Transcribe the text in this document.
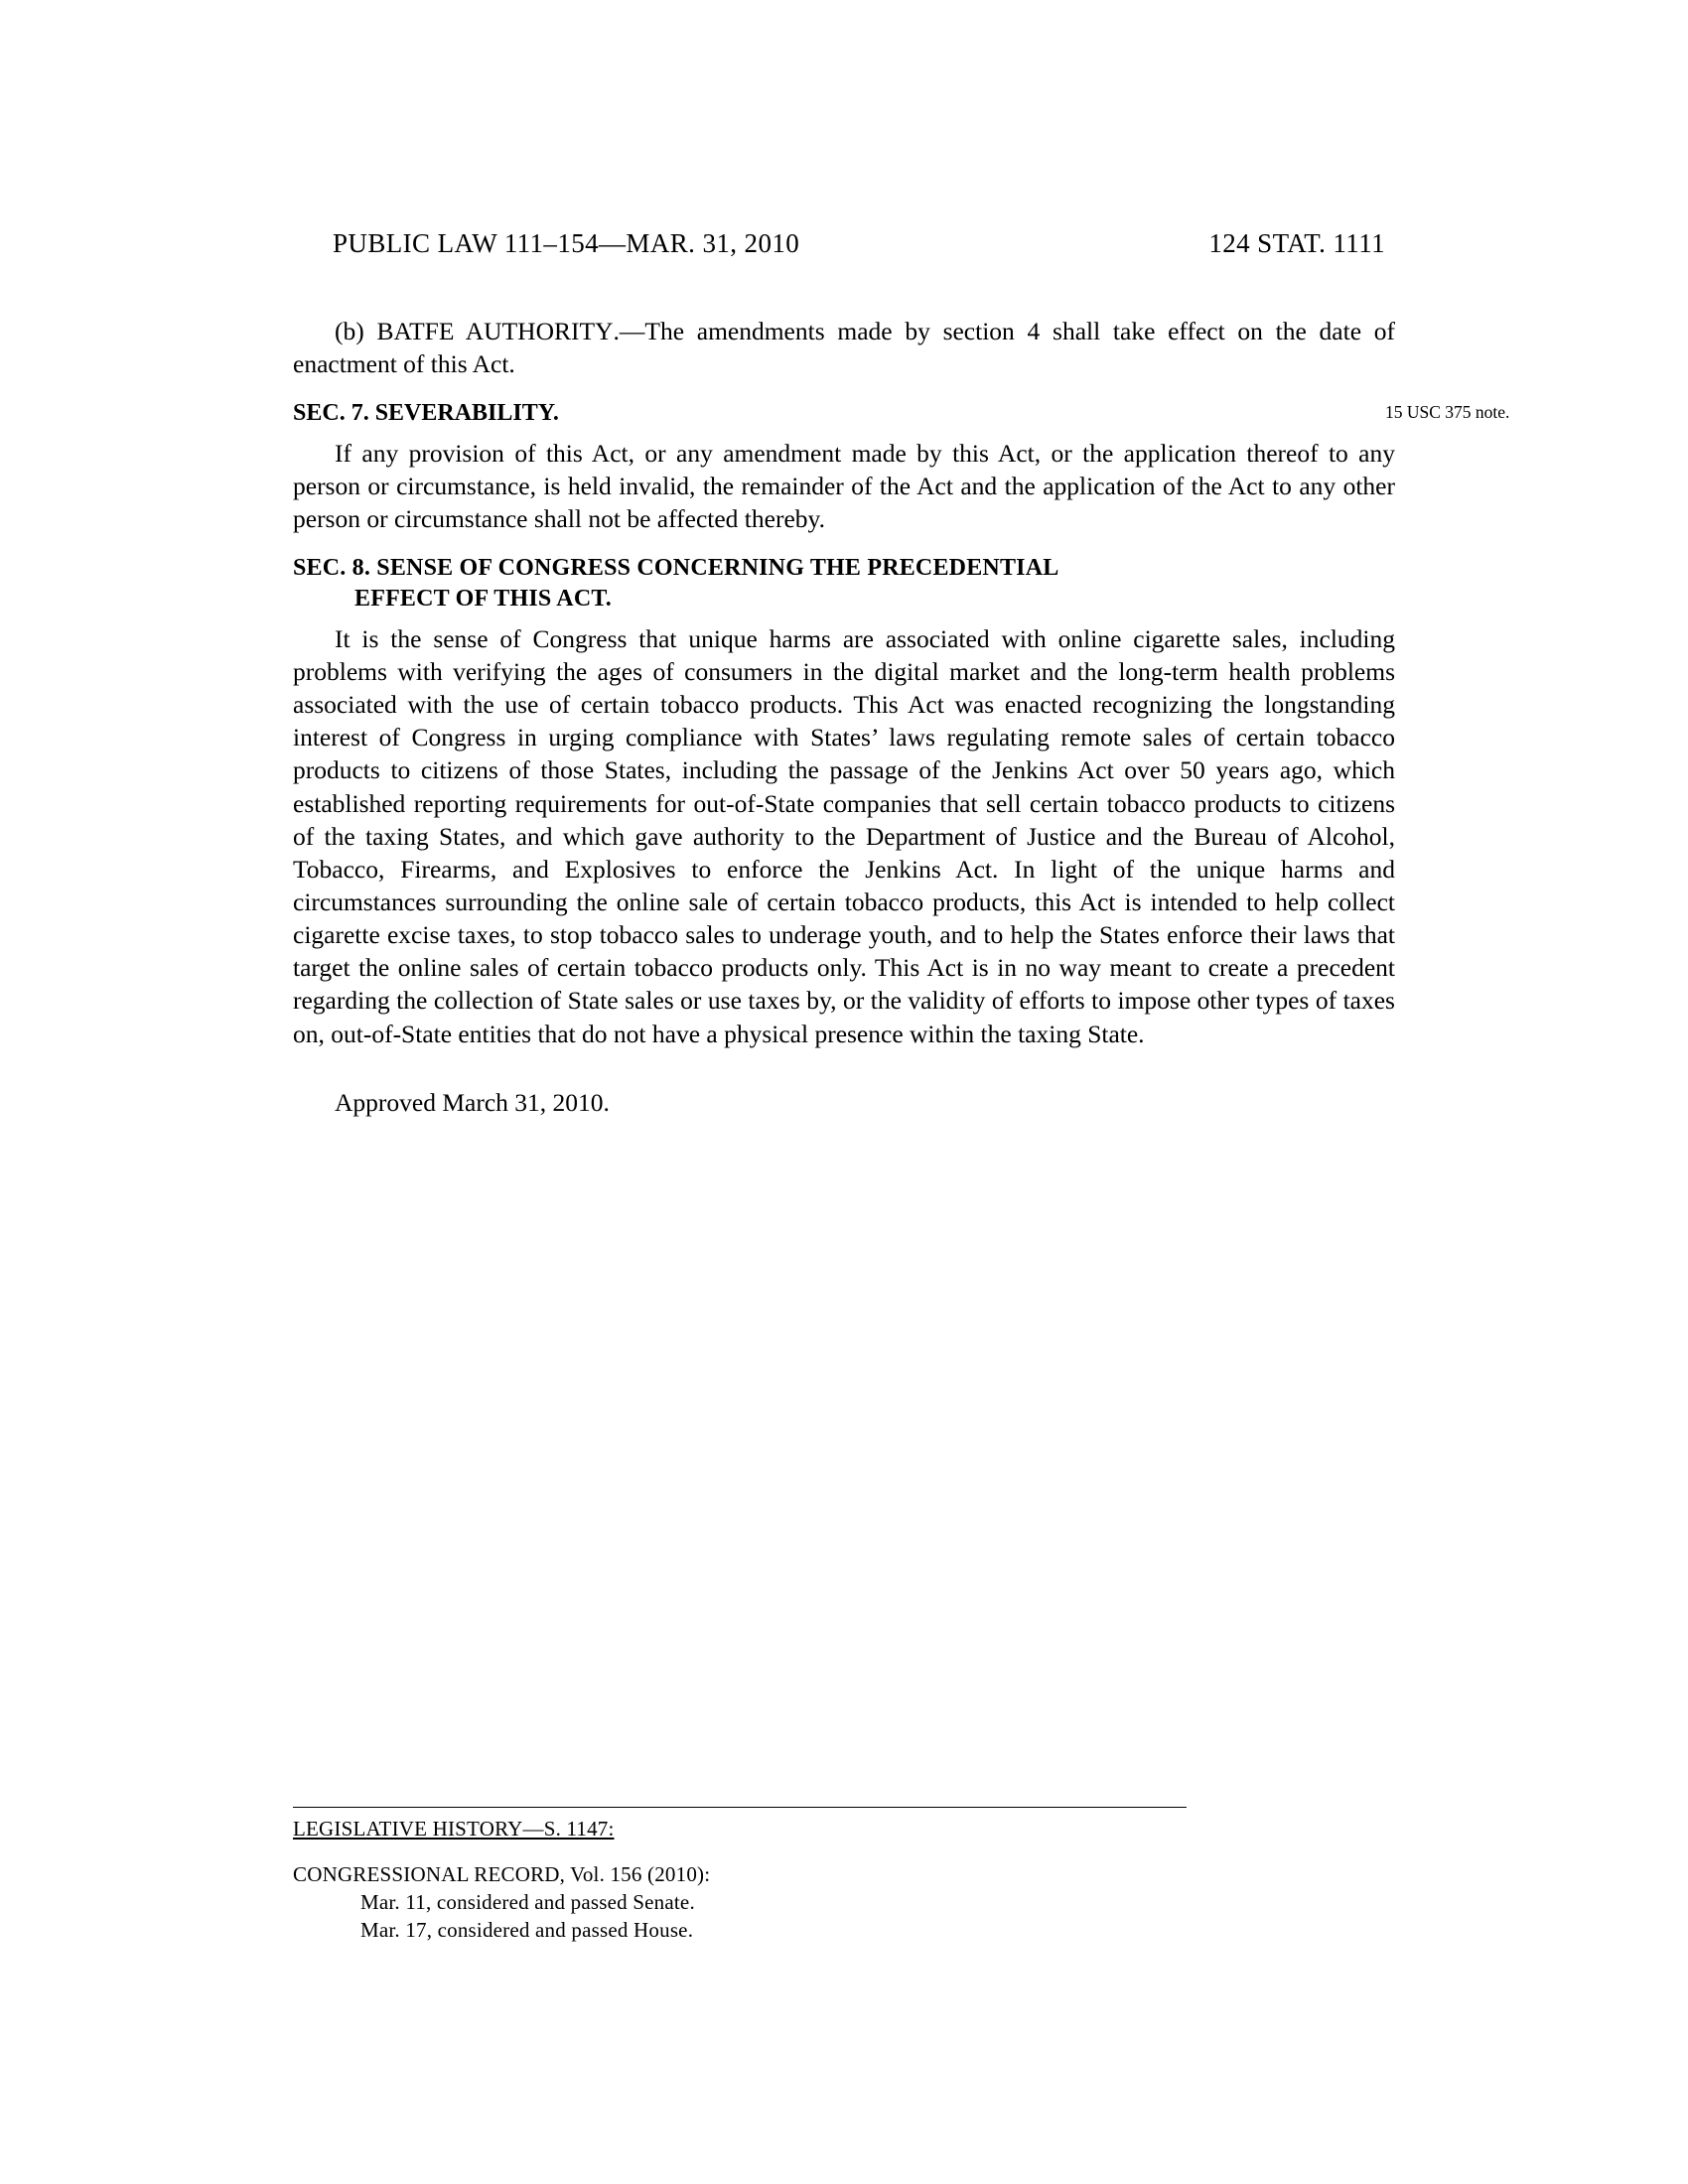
PUBLIC LAW 111–154—MAR. 31, 2010	124 STAT. 1111

(b) BATFE AUTHORITY.—The amendments made by section 4 shall take effect on the date of enactment of this Act.

SEC. 7. SEVERABILITY.	15 USC 375 note.

If any provision of this Act, or any amendment made by this Act, or the application thereof to any person or circumstance, is held invalid, the remainder of the Act and the application of the Act to any other person or circumstance shall not be affected thereby.

SEC. 8. SENSE OF CONGRESS CONCERNING THE PRECEDENTIAL
EFFECT OF THIS ACT.

It is the sense of Congress that unique harms are associated with online cigarette sales, including problems with verifying the ages of consumers in the digital market and the long-term health problems associated with the use of certain tobacco products. This Act was enacted recognizing the longstanding interest of Congress in urging compliance with States’ laws regulating remote sales of certain tobacco products to citizens of those States, including the passage of the Jenkins Act over 50 years ago, which established reporting requirements for out-of-State companies that sell certain tobacco products to citizens of the taxing States, and which gave authority to the Department of Justice and the Bureau of Alcohol, Tobacco, Firearms, and Explosives to enforce the Jenkins Act. In light of the unique harms and circumstances surrounding the online sale of certain tobacco products, this Act is intended to help collect cigarette excise taxes, to stop tobacco sales to underage youth, and to help the States enforce their laws that target the online sales of certain tobacco products only. This Act is in no way meant to create a precedent regarding the collection of State sales or use taxes by, or the validity of efforts to impose other types of taxes on, out-of-State entities that do not have a physical presence within the taxing State.

Approved March 31, 2010.

LEGISLATIVE HISTORY—S. 1147:
CONGRESSIONAL RECORD, Vol. 156 (2010):
Mar. 11, considered and passed Senate.
Mar. 17, considered and passed House.
